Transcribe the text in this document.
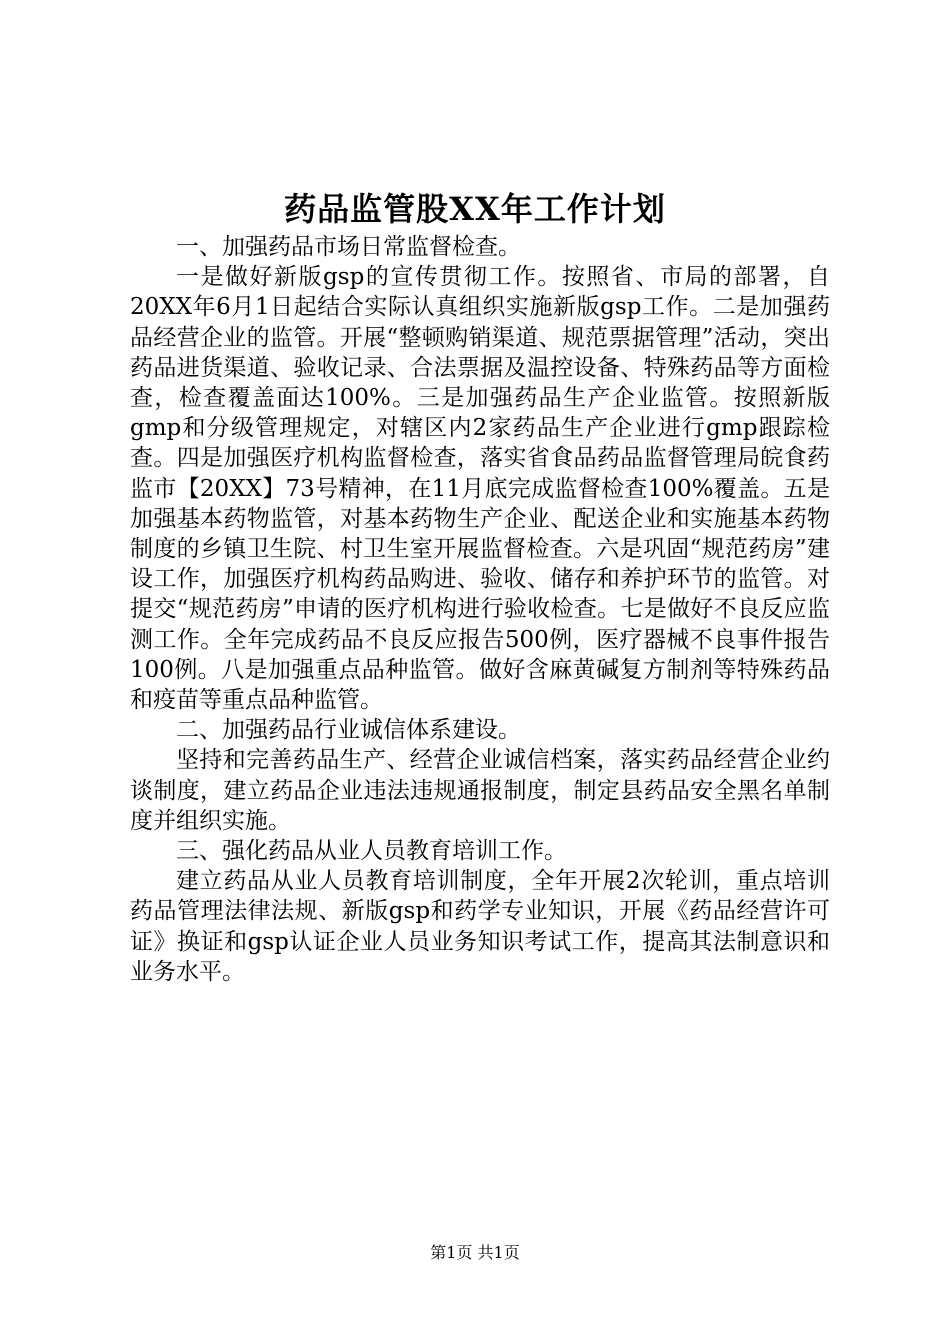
药品监管股XX年工作计划

一、加强药品市场日常监督检查。

一是做好新版gsp的宣传贯彻工作。按照省、市局的部署，自20XX年6月1日起结合实际认真组织实施新版gsp工作。二是加强药品经营企业的监管。开展“整顿购销渠道、规范票据管理”活动，突出药品进货渠道、验收记录、合法票据及温控设备、特殊药品等方面检查，检查覆盖面达100%。三是加强药品生产企业监管。按照新版gmp和分级管理规定，对辖区内2家药品生产企业进行gmp跟踪检查。四是加强医疗机构监督检查，落实省食品药品监督管理局皖食药监市【20XX】73号精神，在11月底完成监督检查100%覆盖。五是加强基本药物监管，对基本药物生产企业、配送企业和实施基本药物制度的乡镇卫生院、村卫生室开展监督检查。六是巩固“规范药房”建设工作，加强医疗机构药品购进、验收、储存和养护环节的监管。对提交“规范药房”申请的医疗机构进行验收检查。七是做好不良反应监测工作。全年完成药品不良反应报告500例，医疗器械不良事件报告100例。八是加强重点品种监管。做好含麻黄碱复方制剂等特殊药品和疫苗等重点品种监管。

二、加强药品行业诚信体系建设。

坚持和完善药品生产、经营企业诚信档案，落实药品经营企业约谈制度，建立药品企业违法违规通报制度，制定县药品安全黑名单制度并组织实施。

三、强化药品从业人员教育培训工作。

建立药品从业人员教育培训制度，全年开展2次轮训，重点培训药品管理法律法规、新版gsp和药学专业知识，开展《药品经营许可证》换证和gsp认证企业人员业务知识考试工作，提高其法制意识和业务水平。

第1页 共1页
